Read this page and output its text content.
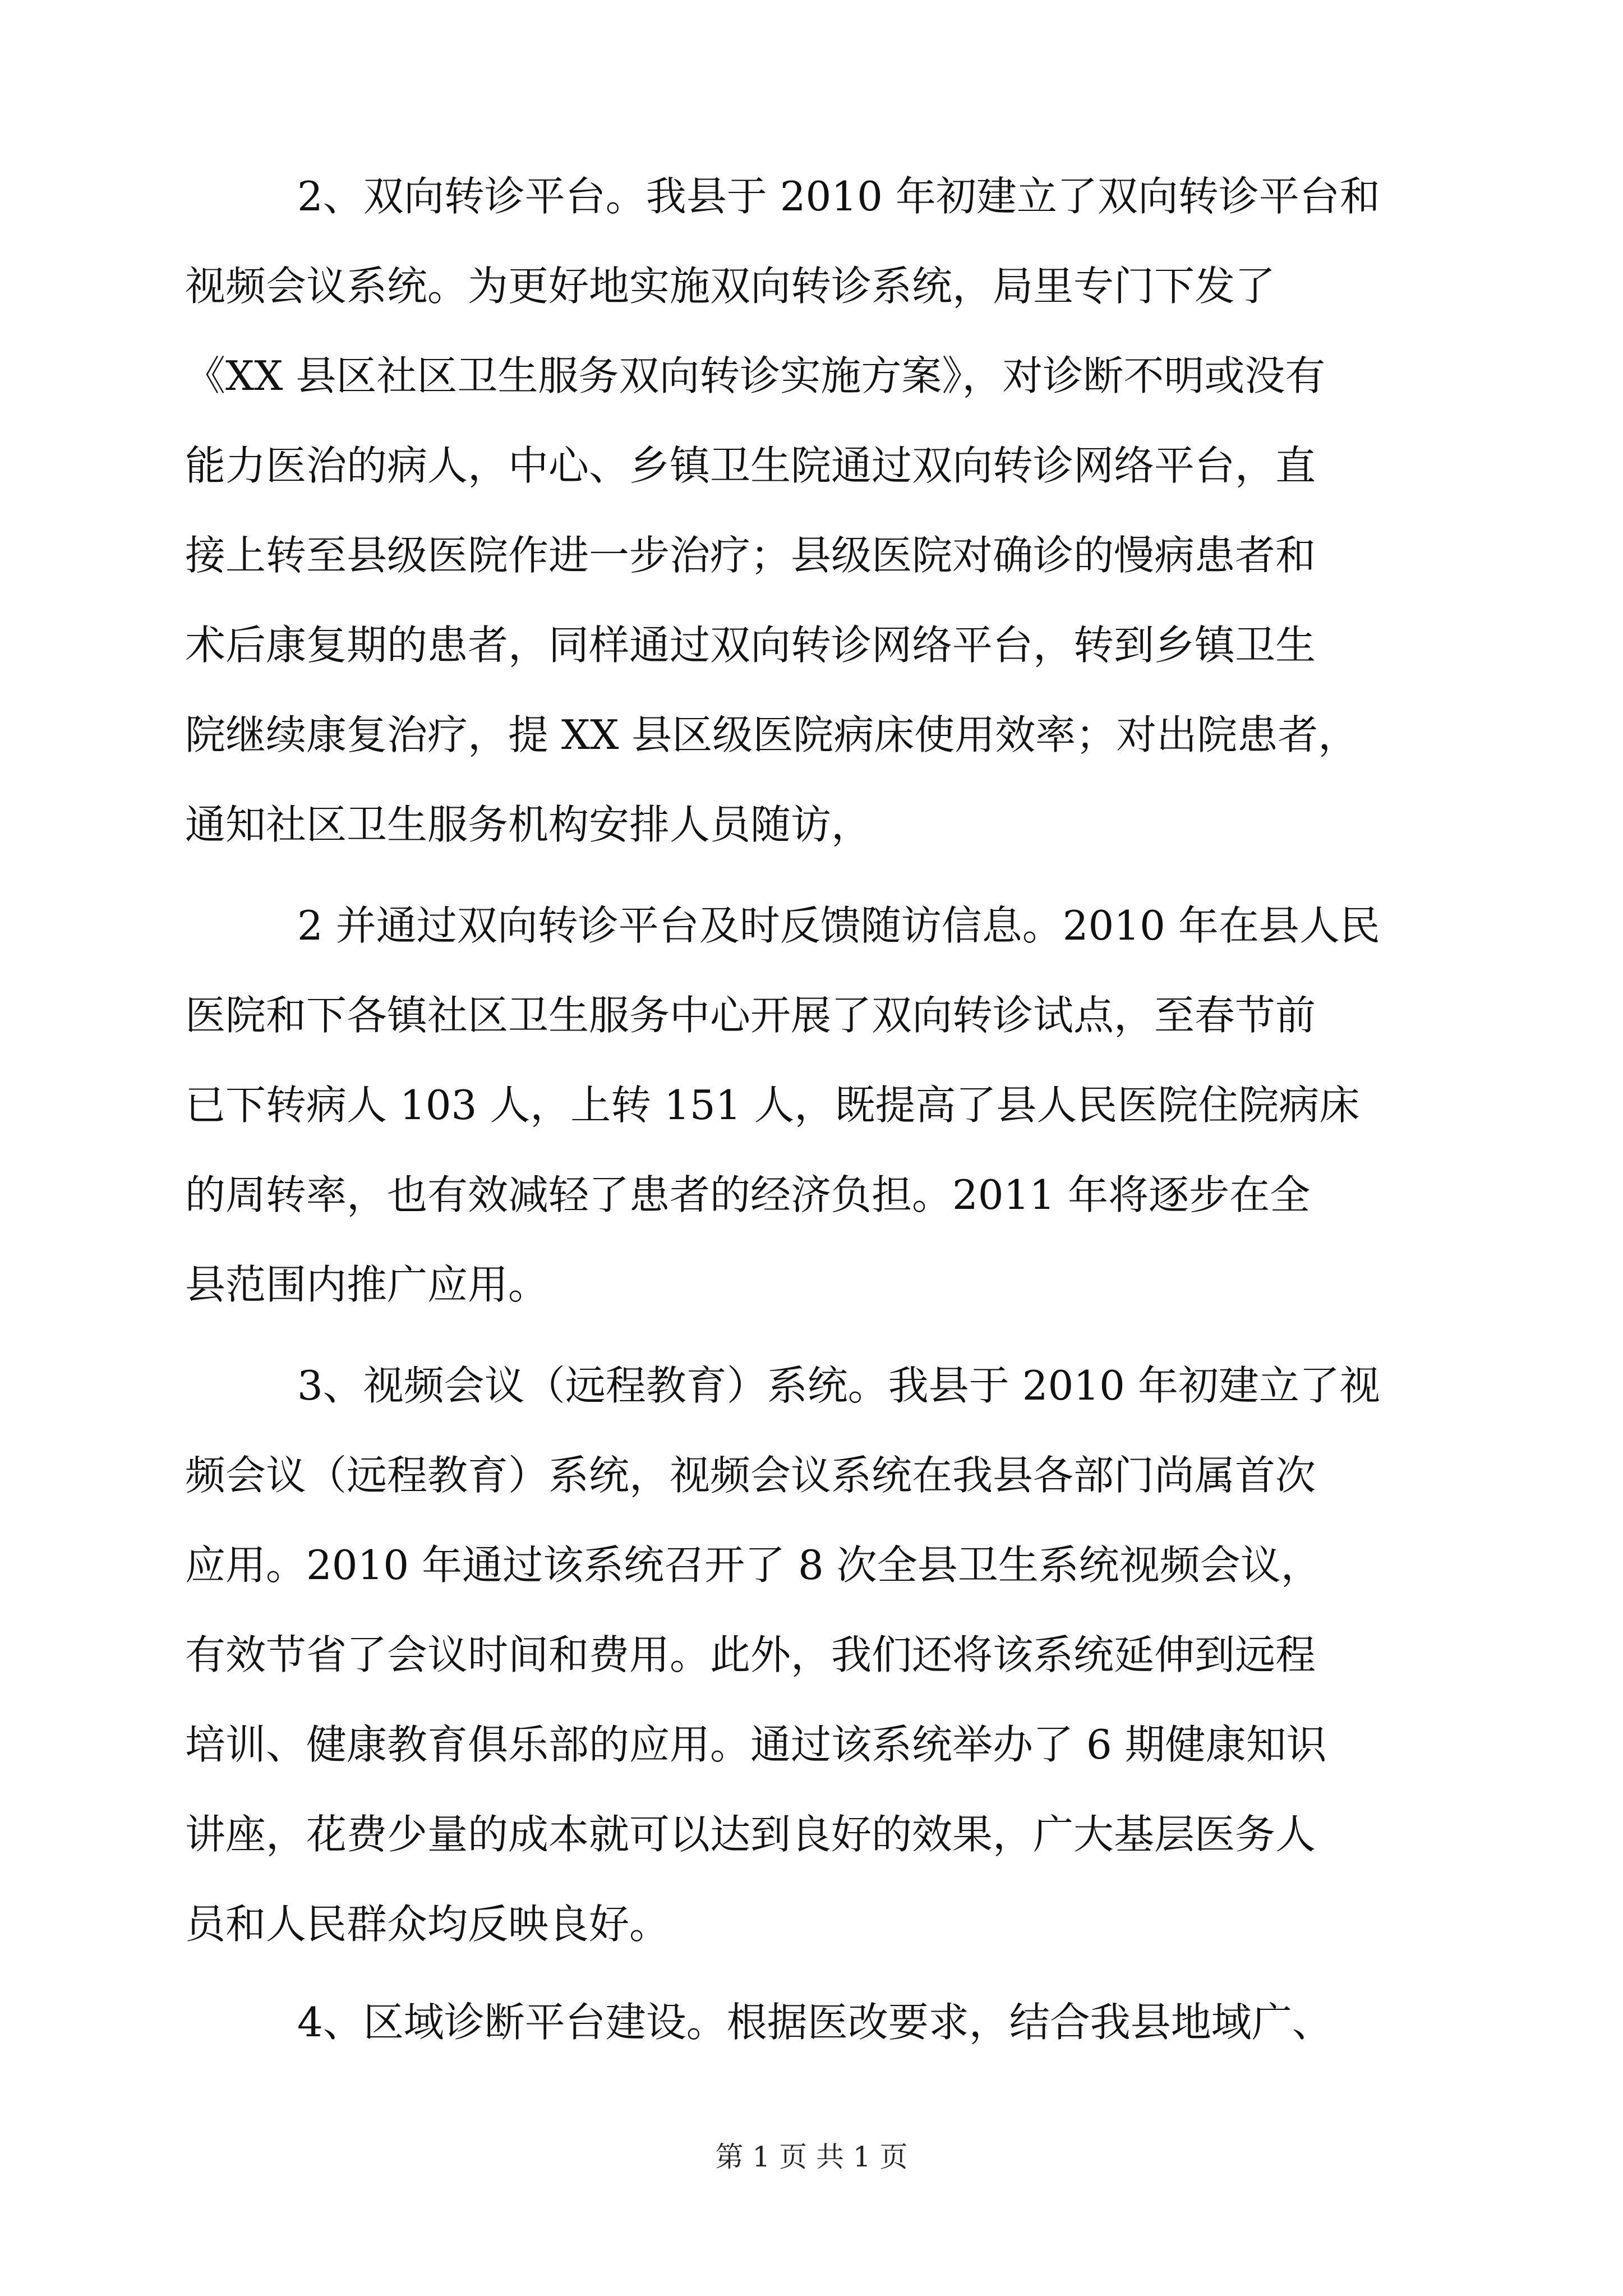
2、双向转诊平台。我县于 2010 年初建立了双向转诊平台和
视频会议系统。为更好地实施双向转诊系统，局里专门下发了
《XX 县区社区卫生服务双向转诊实施方案》，对诊断不明或没有
能力医治的病人，中心、乡镇卫生院通过双向转诊网络平台，直
接上转至县级医院作进一步治疗；县级医院对确诊的慢病患者和
术后康复期的患者，同样通过双向转诊网络平台，转到乡镇卫生
院继续康复治疗，提 XX 县区级医院病床使用效率；对出院患者，
通知社区卫生服务机构安排人员随访，
2 并通过双向转诊平台及时反馈随访信息。2010 年在县人民
医院和下各镇社区卫生服务中心开展了双向转诊试点，至春节前
已下转病人 103 人，上转 151 人，既提高了县人民医院住院病床
的周转率，也有效减轻了患者的经济负担。2011 年将逐步在全
县范围内推广应用。
3、视频会议（远程教育）系统。我县于 2010 年初建立了视
频会议（远程教育）系统，视频会议系统在我县各部门尚属首次
应用。2010 年通过该系统召开了 8 次全县卫生系统视频会议，
有效节省了会议时间和费用。此外，我们还将该系统延伸到远程
培训、健康教育俱乐部的应用。通过该系统举办了 6 期健康知识
讲座，花费少量的成本就可以达到良好的效果，广大基层医务人
员和人民群众均反映良好。
4、区域诊断平台建设。根据医改要求，结合我县地域广、
第 1 页 共 1 页
